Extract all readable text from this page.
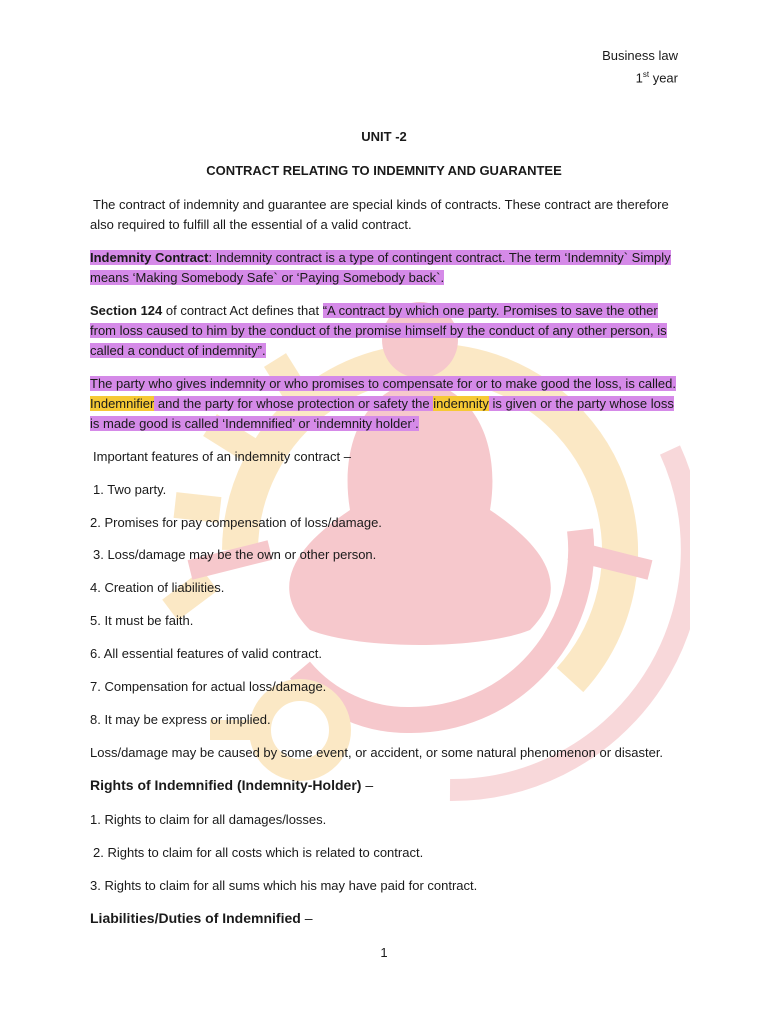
Business law
1st year
UNIT -2
CONTRACT RELATING TO INDEMNITY AND GUARANTEE
The contract of indemnity and guarantee are special kinds of contracts. These contract are therefore
also required to fulfill all the essential of a valid contract.
Indemnity Contract: Indemnity contract is a type of contingent contract. The term ‘Indemnity` Simply
means ‘Making Somebody Safe` or ‘Paying Somebody back`.
Section 124 of contract Act defines that “A contract by which one party. Promises to save the other
from loss caused to him by the conduct of the promise himself by the conduct of any other person, is
called a conduct of indemnity”.
The party who gives indemnity or who promises to compensate for or to make good the loss, is called.
Indemnifier and the party for whose protection or safety the indemnity is given or the party whose loss
is made good is called ‘Indemnified’ or ‘indemnity holder’.
Important features of an indemnity contract –
1. Two party.
2. Promises for pay compensation of loss/damage.
3. Loss/damage may be the own or other person.
4. Creation of liabilities.
5. It must be faith.
6. All essential features of valid contract.
7. Compensation for actual loss/damage.
8. It may be express or implied.
Loss/damage may be caused by some event, or accident, or some natural phenomenon or disaster.
Rights of Indemnified (Indemnity-Holder) –
1. Rights to claim for all damages/losses.
2. Rights to claim for all costs which is related to contract.
3. Rights to claim for all sums which his may have paid for contract.
Liabilities/Duties of Indemnified –
1
